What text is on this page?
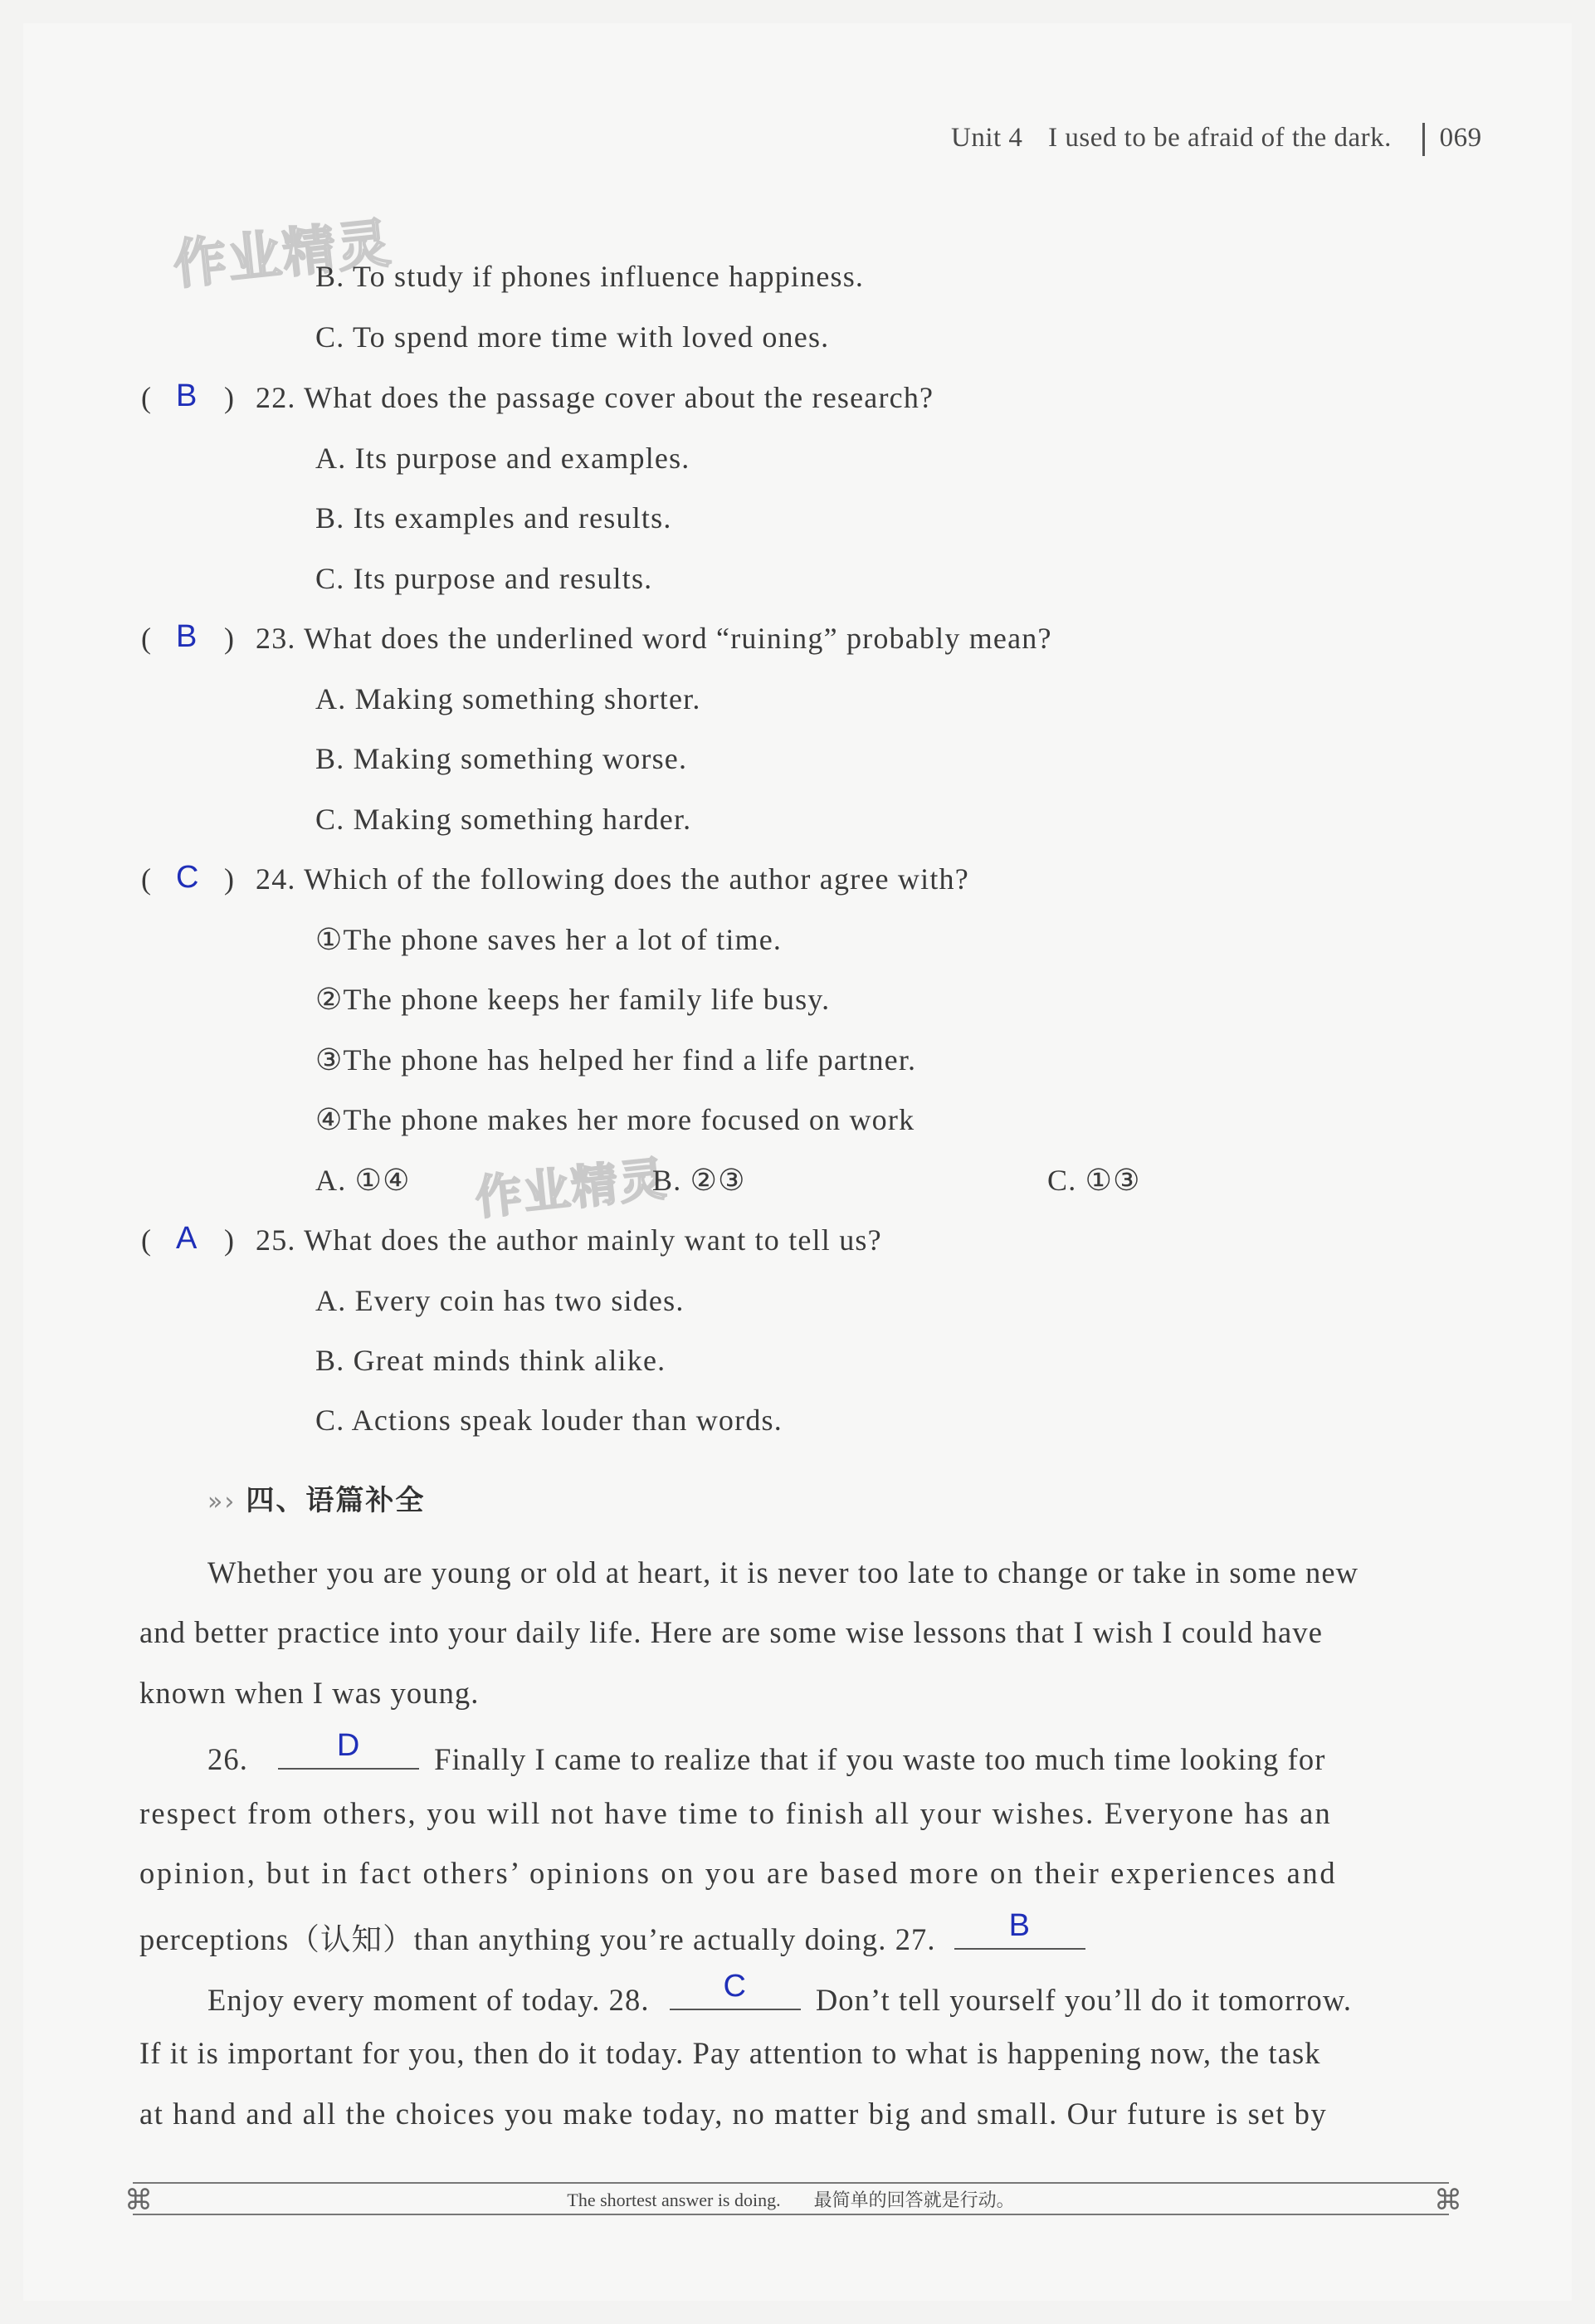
Unit 4 I used to be afraid of the dark. 069
作业精灵
作业精灵
B. To study if phones influence happiness.
C. To spend more time with loved ones.
( B ) 22. What does the passage cover about the research?
A. Its purpose and examples.
B. Its examples and results.
C. Its purpose and results.
( B ) 23. What does the underlined word “ruining” probably mean?
A. Making something shorter.
B. Making something worse.
C. Making something harder.
( C ) 24. Which of the following does the author agree with?
①The phone saves her a lot of time.
②The phone keeps her family life busy.
③The phone has helped her find a life partner.
④The phone makes her more focused on work
A. ①④	B. ②③	C. ①③
( A ) 25. What does the author mainly want to tell us?
A. Every coin has two sides.
B. Great minds think alike.
C. Actions speak louder than words.
»› 四、语篇补全
Whether you are young or old at heart, it is never too late to change or take in some new
and better practice into your daily life. Here are some wise lessons that I wish I could have
known when I was young.
26.	D	Finally I came to realize that if you waste too much time looking for
respect from others, you will not have time to finish all your wishes. Everyone has an
opinion, but in fact others’ opinions on you are based more on their experiences and
perceptions（认知）than anything you’re actually doing. 27.	B
Enjoy every moment of today. 28.	C	Don’t tell yourself you’ll do it tomorrow.
If it is important for you, then do it today. Pay attention to what is happening now, the task
at hand and all the choices you make today, no matter big and small. Our future is set by
⌘	The shortest answer is doing. 最简单的回答就是行动。	⌘
